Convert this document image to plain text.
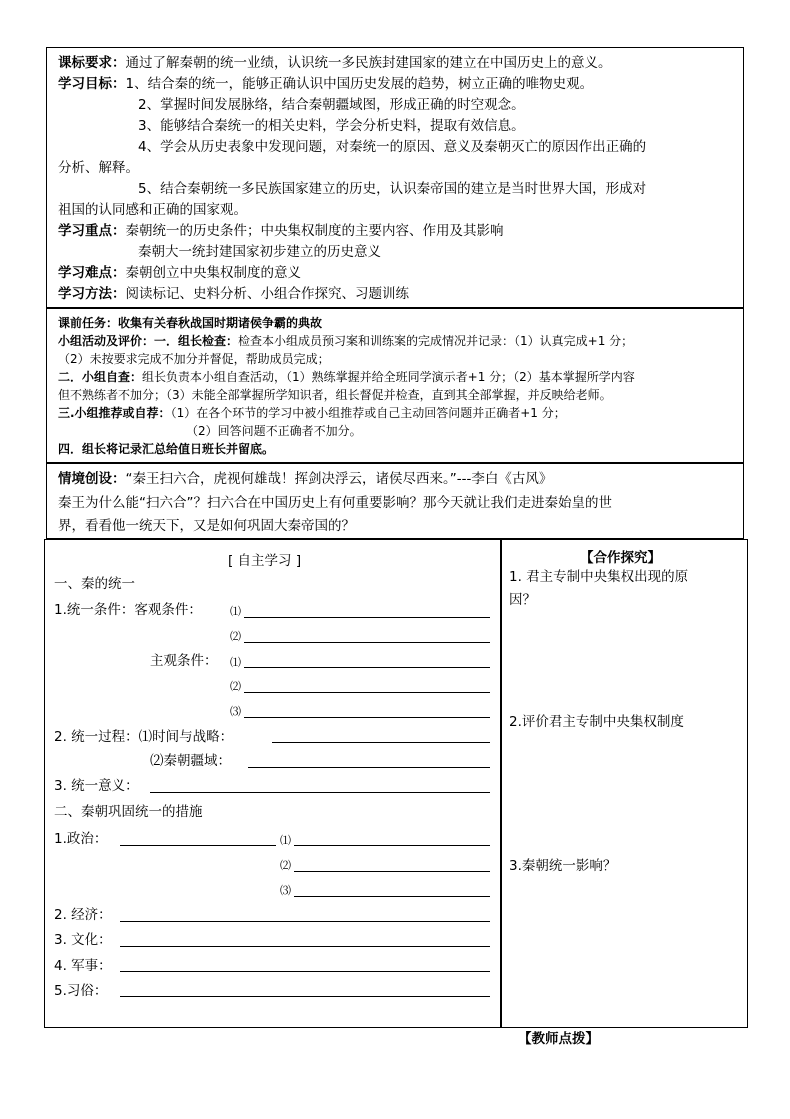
课标要求：通过了解秦朝的统一业绩，认识统一多民族封建国家的建立在中国历史上的意义。
学习目标：1、结合秦的统一，能够正确认识中国历史发展的趋势，树立正确的唯物史观。
2、掌握时间发展脉络，结合秦朝疆域图，形成正确的时空观念。
3、能够结合秦统一的相关史料，学会分析史料，提取有效信息。
4、学会从历史表象中发现问题，对秦统一的原因、意义及秦朝灭亡的原因作出正确的
分析、解释。
5、结合秦朝统一多民族国家建立的历史，认识秦帝国的建立是当时世界大国，形成对
祖国的认同感和正确的国家观。
学习重点：秦朝统一的历史条件；中央集权制度的主要内容、作用及其影响
秦朝大一统封建国家初步建立的历史意义
学习难点：秦朝创立中央集权制度的意义
学习方法：阅读标记、史料分析、小组合作探究、习题训练
课前任务：收集有关春秋战国时期诸侯争霸的典故
小组活动及评价：一．组长检查：检查本小组成员预习案和训练案的完成情况并记录：（1）认真完成+1 分；
（2）未按要求完成不加分并督促，帮助成员完成；
二．小组自查：组长负责本小组自查活动，（1）熟练掌握并给全班同学演示者+1 分；（2）基本掌握所学内容
但不熟练者不加分；（3）未能全部掌握所学知识者，组长督促并检查，直到其全部掌握，并反映给老师。
三.小组推荐或自荐：（1）在各个环节的学习中被小组推荐或自己主动回答问题并正确者+1 分；
（2）回答问题不正确者不加分。
四．组长将记录汇总给值日班长并留底。
情境创设：“秦王扫六合，虎视何雄哉！挥剑决浮云，诸侯尽西来。”---李白《古风》
秦王为什么能“扫六合”？扫六合在中国历史上有何重要影响？那今天就让我们走进秦始皇的世
界，看看他一统天下，又是如何巩固大秦帝国的？
[ 自主学习 ]
一、秦的统一
1.统一条件：客观条件：	⑴
⑵
主观条件： ⑴
⑵
⑶
2. 统一过程：⑴时间与战略：
⑵秦朝疆域：
3. 统一意义：
二、秦朝巩固统一的措施
1.政治：	⑴
⑵
⑶
2. 经济：
3. 文化：
4. 军事：
5.习俗：
【合作探究】
1. 君主专制中央集权出现的原
因？
2.评价君主专制中央集权制度
3.秦朝统一影响？
【教师点拨】
